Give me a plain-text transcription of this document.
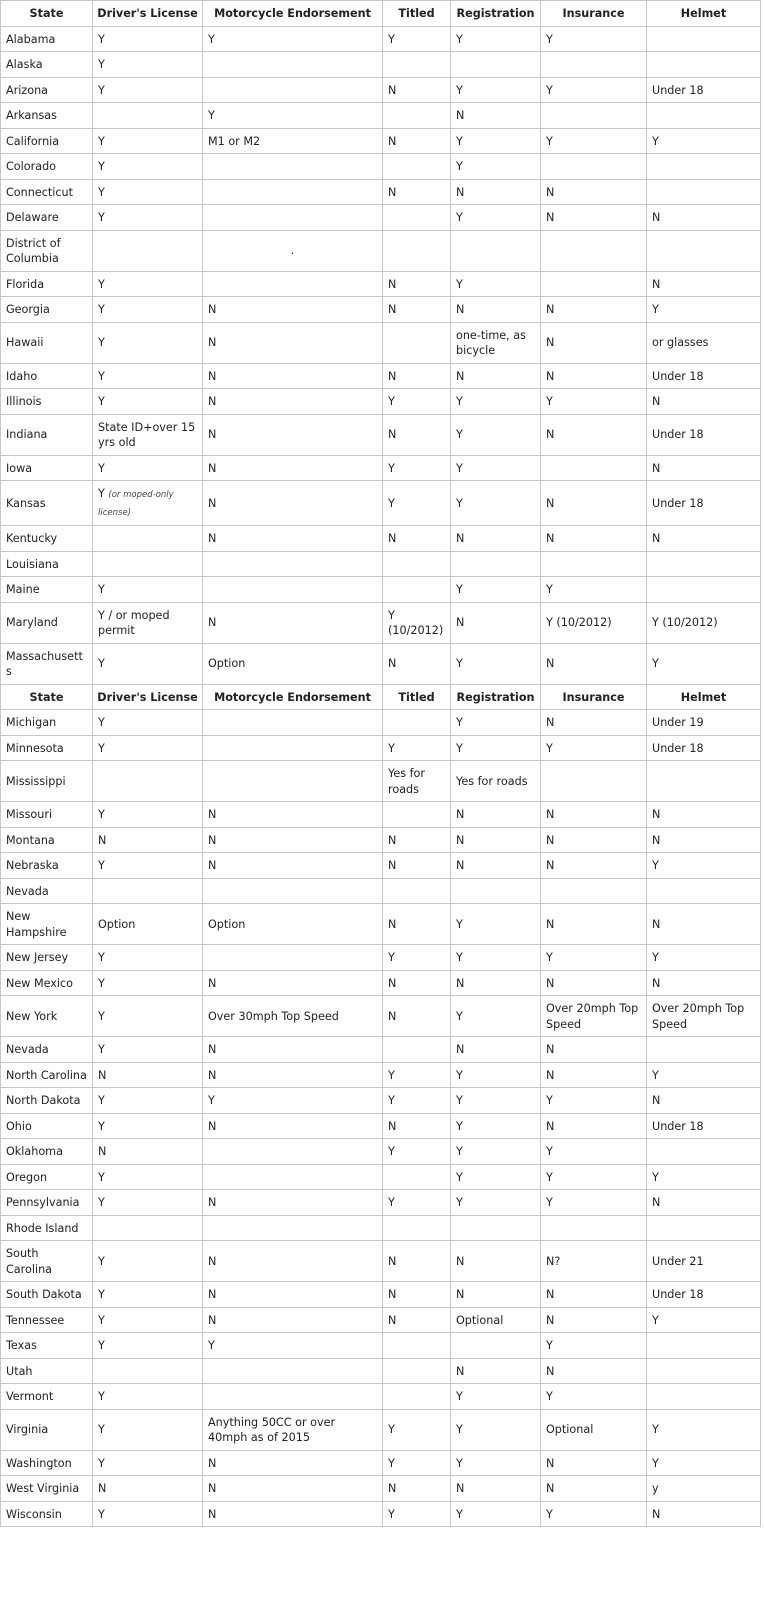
State	Driver's License	Motorcycle Endorsement	Titled	Registration	Insurance	Helmet
Alabama	Y	Y	Y	Y	Y	
Alaska	Y					
Arizona	Y		N	Y	Y	Under 18
Arkansas		Y		N		
California	Y	M1 or M2	N	Y	Y	Y
Colorado	Y			Y		
Connecticut	Y		N	N	N	
Delaware	Y			Y	N	N
District of Columbia		.				

Florida	Y		N	Y		N
Georgia	Y	N	N	N	N	Y
Hawaii	Y	N		one-time, as bicycle	N	or glasses
Idaho	Y	N	N	N	N	Under 18
Illinois	Y	N	Y	Y	Y	N
Indiana	State ID+over 15 yrs old	N	N	Y	N	Under 18
Iowa	Y	N	Y	Y		N
Kansas	Y (or moped-only license)	N	Y	Y	N	Under 18
Kentucky		N	N	N	N	N
Louisiana						
Maine	Y			Y	Y	
Maryland	Y / or moped permit	N	Y (10/2012)	N	Y (10/2012)	Y (10/2012)
Massachusetts	Y	Option	N	Y	N	Y
State	Driver's License	Motorcycle Endorsement	Titled	Registration	Insurance	Helmet
Michigan	Y			Y	N	Under 19
Minnesota	Y		Y	Y	Y	Under 18
Mississippi			Yes for roads	Yes for roads		
Missouri	Y	N		N	N	N
Montana	N	N	N	N	N	N
Nebraska	Y	N	N	N	N	Y
Nevada						
New Hampshire	Option	Option	N	Y	N	N
New Jersey	Y		Y	Y	Y	Y
New Mexico	Y	N	N	N	N	N
New York	Y	Over 30mph Top Speed	N	Y	Over 20mph Top Speed	Over 20mph Top Speed
Nevada	Y	N		N	N	
North Carolina	N	N	Y	Y	N	Y
North Dakota	Y	Y	Y	Y	Y	N
Ohio	Y	N	N	Y	N	Under 18
Oklahoma	N		Y	Y	Y	
Oregon	Y			Y	Y	Y
Pennsylvania	Y	N	Y	Y	Y	N
Rhode Island						
South Carolina	Y	N	N	N	N?	Under 21
South Dakota	Y	N	N	N	N	Under 18
Tennessee	Y	N	N	Optional	N	Y
Texas	Y	Y			Y	
Utah				N	N	
Vermont	Y			Y	Y	
Virginia	Y	Anything 50CC or over 40mph as of 2015	Y	Y	Optional	Y
Washington	Y	N	Y	Y	N	Y
West Virginia	N	N	N	N	N	y
Wisconsin	Y	N	Y	Y	Y	N
